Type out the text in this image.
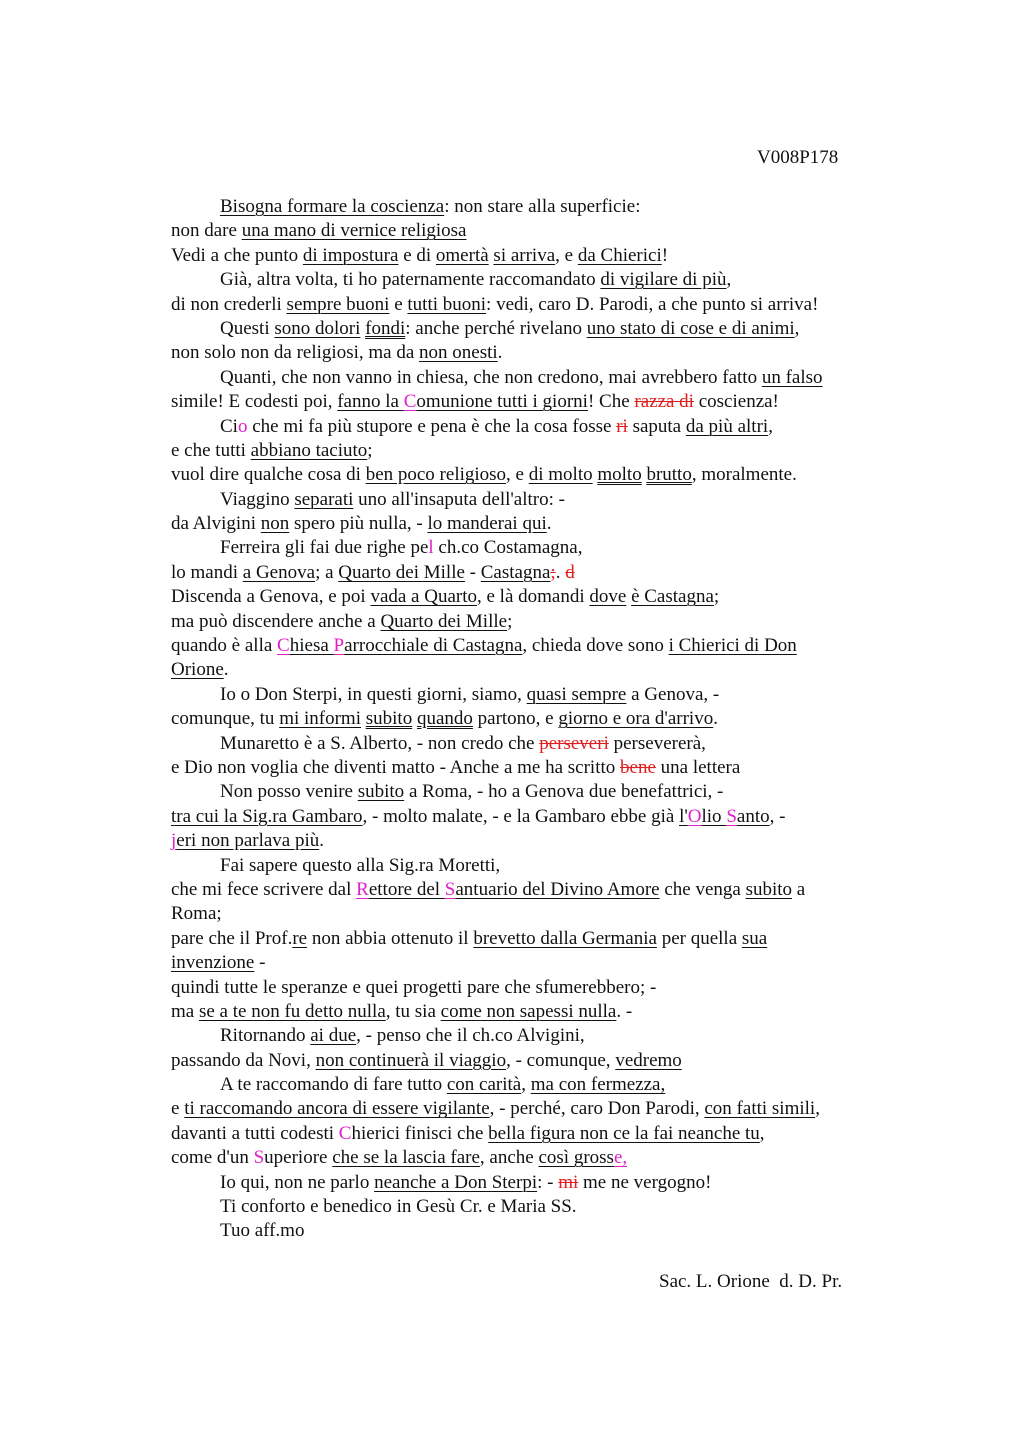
V008P178
Bisogna formare la coscienza: non stare alla superficie:
non dare una mano di vernice religiosa
Vedi a che punto di impostura e di omertà si arriva, e da Chierici!
Già, altra volta, ti ho paternamente raccomandato di vigilare di più,
di non crederli sempre buoni e tutti buoni: vedi, caro D. Parodi, a che punto si arriva!
Questi sono dolori fondi: anche perché rivelano uno stato di cose e di animi,
non solo non da religiosi, ma da non onesti.
Quanti, che non vanno in chiesa, che non credono, mai avrebbero fatto un falso
simile! E codesti poi, fanno la Comunione tutti i giorni! Che razza di coscienza!
Cio che mi fa più stupore e pena è che la cosa fosse ri saputa da più altri,
e che tutti abbiano taciuto;
vuol dire qualche cosa di ben poco religioso, e di molto molto brutto, moralmente.
Viaggino separati uno all'insaputa dell'altro: -
da Alvigini non spero più nulla, - lo manderai qui.
Ferreira gli fai due righe pel ch.co Costamagna,
lo mandi a Genova; a Quarto dei Mille - Castagna;. d
Discenda a Genova, e poi vada a Quarto, e là domandi dove è Castagna;
ma può discendere anche a Quarto dei Mille;
quando è alla Chiesa Parrocchiale di Castagna, chieda dove sono i Chierici di Don
Orione.
Io o Don Sterpi, in questi giorni, siamo, quasi sempre a Genova, -
comunque, tu mi informi subito quando partono, e giorno e ora d'arrivo.
Munaretto è a S. Alberto, - non credo che perseveri persevererà,
e Dio non voglia che diventi matto - Anche a me ha scritto bene una lettera
Non posso venire subito a Roma, - ho a Genova due benefattrici, -
tra cui la Sig.ra Gambaro, - molto malate, - e la Gambaro ebbe già l'Olio Santo, -
jeri non parlava più.
Fai sapere questo alla Sig.ra Moretti,
che mi fece scrivere dal Rettore del Santuario del Divino Amore che venga subito a
Roma;
pare che il Prof.re non abbia ottenuto il brevetto dalla Germania per quella sua
invenzione -
quindi tutte le speranze e quei progetti pare che sfumerebbero; -
ma se a te non fu detto nulla, tu sia come non sapessi nulla. -
Ritornando ai due, - penso che il ch.co Alvigini,
passando da Novi, non continuerà il viaggio, - comunque, vedremo
A te raccomando di fare tutto con carità, ma con fermezza,
e ti raccomando ancora di essere vigilante, - perché, caro Don Parodi, con fatti simili,
davanti a tutti codesti Chierici finisci che bella figura non ce la fai neanche tu,
come d'un Superiore che se la lascia fare, anche così grosse,
Io qui, non ne parlo neanche a Don Sterpi: - mi me ne vergogno!
Ti conforto e benedico in Gesù Cr. e Maria SS.
Tuo aff.mo
Sac. L. Orione  d. D. Pr.
